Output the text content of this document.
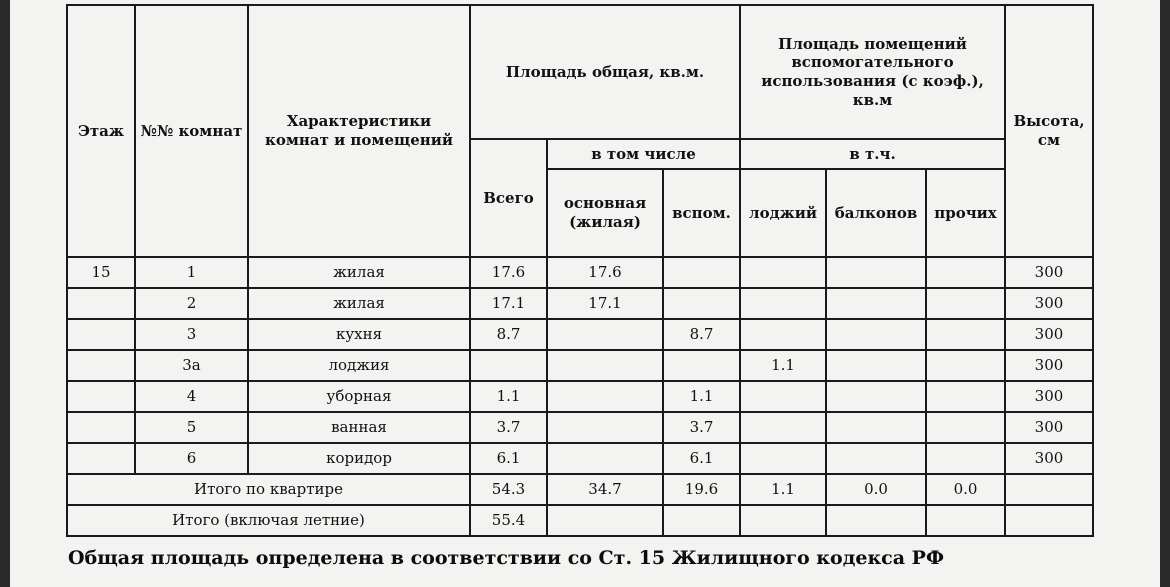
Этаж	№№ комнат	Характеристики комнат и помещений	Площадь общая, кв.м.			Площадь помещений вспомогательного использования (с коэф.), кв.м			Высота, см
			Всего	в том числе		в т.ч.			
				основная (жилая)	вспом.	лоджий	балконов	прочих	
15	1	жилая	17.6	17.6					300
	2	жилая	17.1	17.1					300
	3	кухня	8.7		8.7				300
	3а	лоджия				1.1			300
	4	уборная	1.1		1.1				300
	5	ванная	3.7		3.7				300
	6	коридор	6.1		6.1				300
Итого по квартире			54.3	34.7	19.6	1.1	0.0	0.0	
Итого (включая летние)			55.4						
Общая площадь определена в соответствии со Ст. 15 Жилищного кодекса РФ
